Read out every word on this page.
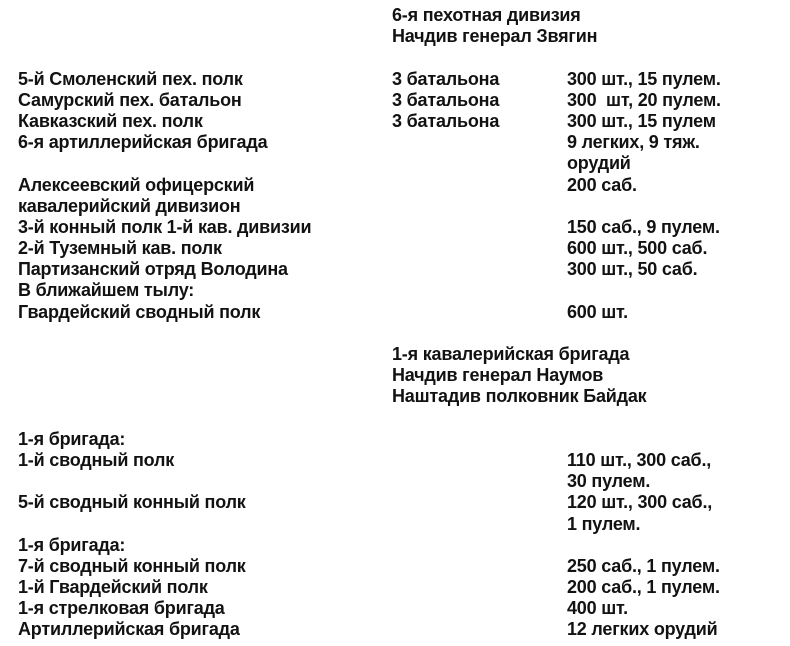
6-я пехотная дивизия
Начдив генерал Звягин
5-й Смоленский пех. полк	3 батальона	300 шт., 15 пулем.
Самурский пех. батальон	3 батальона	300  шт, 20 пулем.
Кавказский пех. полк	3 батальона	300 шт., 15 пулем
6-я артиллерийская бригада	9 легких, 9 тяж.
орудий
Алексеевский офицерский	200 саб.
кавалерийский дивизион
3-й конный полк 1-й кав. дивизии	150 саб., 9 пулем.
2-й Туземный кав. полк	600 шт., 500 саб.
Партизанский отряд Володина	300 шт., 50 саб.
В ближайшем тылу:
Гвардейский сводный полк	600 шт.
1-я кавалерийская бригада
Начдив генерал Наумов
Наштадив полковник Байдак
1-я бригада:
1-й сводный полк	110 шт., 300 саб.,
30 пулем.
5-й сводный конный полк	120 шт., 300 саб.,
1 пулем.
1-я бригада:
7-й сводный конный полк	250 саб., 1 пулем.
1-й Гвардейский полк	200 саб., 1 пулем.
1-я стрелковая бригада	400 шт.
Артиллерийская бригада	12 легких орудий
